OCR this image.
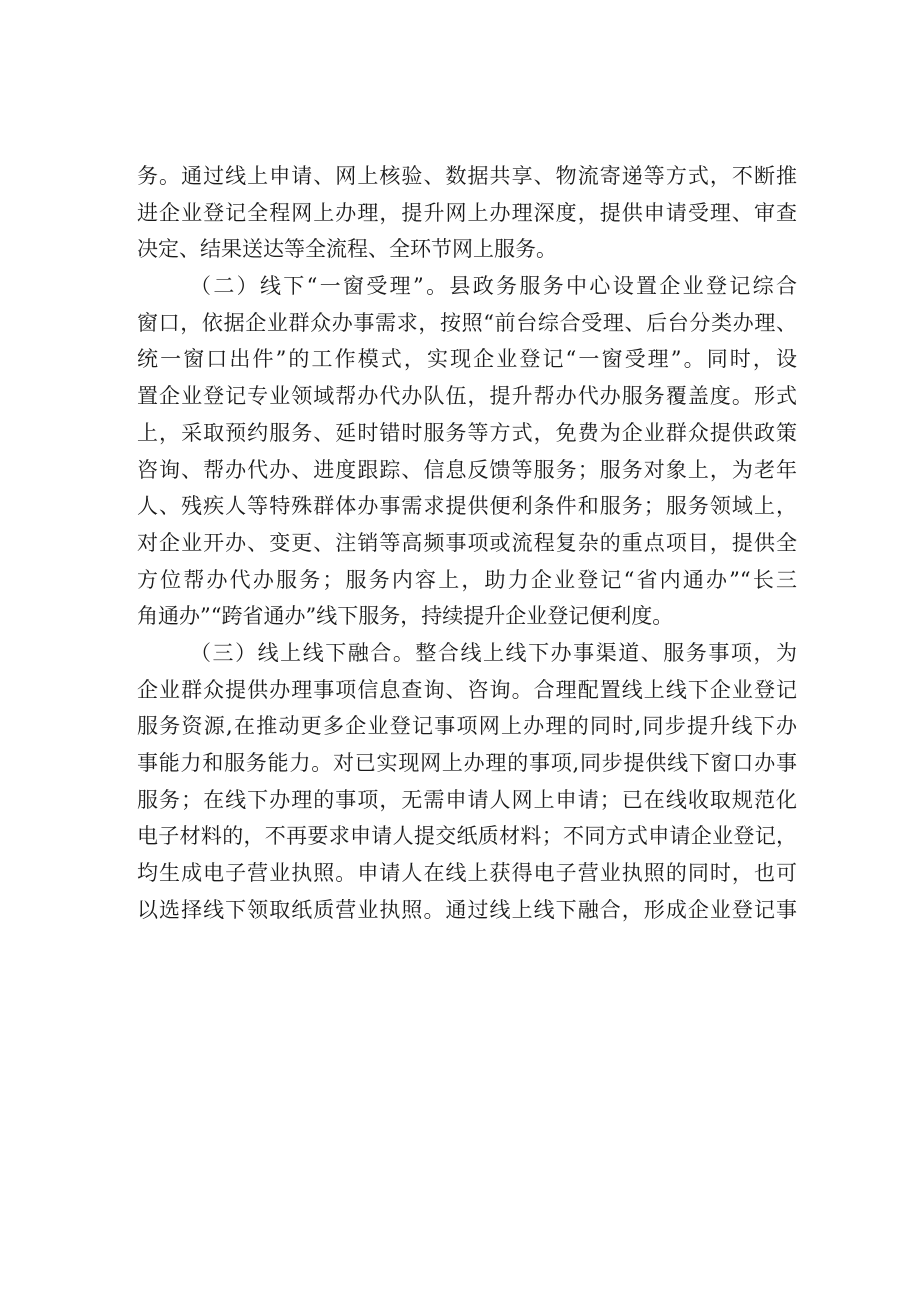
务。通过线上申请、网上核验、数据共享、物流寄递等方式，不断推
进企业登记全程网上办理，提升网上办理深度，提供申请受理、审查
决定、结果送达等全流程、全环节网上服务。
（二）线下“一窗受理”。县政务服务中心设置企业登记综合
窗口，依据企业群众办事需求，按照“前台综合受理、后台分类办理、
统一窗口出件”的工作模式，实现企业登记“一窗受理”。同时，设
置企业登记专业领域帮办代办队伍，提升帮办代办服务覆盖度。形式
上，采取预约服务、延时错时服务等方式，免费为企业群众提供政策
咨询、帮办代办、进度跟踪、信息反馈等服务；服务对象上，为老年
人、残疾人等特殊群体办事需求提供便利条件和服务；服务领域上，
对企业开办、变更、注销等高频事项或流程复杂的重点项目，提供全
方位帮办代办服务；服务内容上，助力企业登记“省内通办”“长三
角通办”“跨省通办”线下服务，持续提升企业登记便利度。
（三）线上线下融合。整合线上线下办事渠道、服务事项，为
企业群众提供办理事项信息查询、咨询。合理配置线上线下企业登记
服务资源,在推动更多企业登记事项网上办理的同时,同步提升线下办
事能力和服务能力。对已实现网上办理的事项,同步提供线下窗口办事
服务；在线下办理的事项，无需申请人网上申请；已在线收取规范化
电子材料的，不再要求申请人提交纸质材料；不同方式申请企业登记，
均生成电子营业执照。申请人在线上获得电子营业执照的同时，也可
以选择线下领取纸质营业执照。通过线上线下融合，形成企业登记事
